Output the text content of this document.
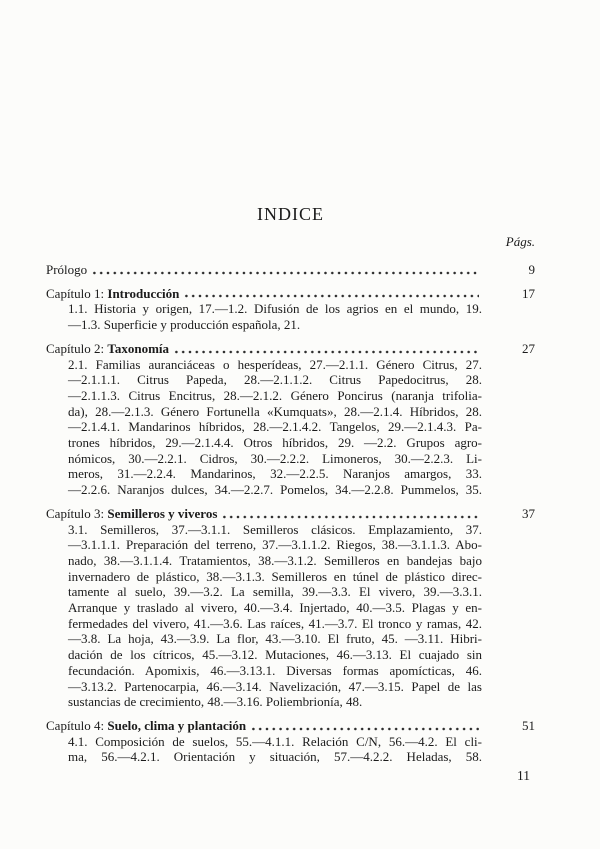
INDICE
Págs.
Prólogo	9
Capítulo 1: Introducción	17
1.1. Historia y origen, 17.—1.2. Difusión de los agrios en el mundo, 19.
—1.3. Superficie y producción española, 21.
Capítulo 2: Taxonomía	27
2.1. Familias auranciáceas o hesperídeas, 27.—2.1.1. Género Citrus, 27.
—2.1.1.1. Citrus Papeda, 28.—2.1.1.2. Citrus Papedocitrus, 28.
—2.1.1.3. Citrus Encitrus, 28.—2.1.2. Género Poncirus (naranja trifolia-
da), 28.—2.1.3. Género Fortunella «Kumquats», 28.—2.1.4. Híbridos, 28.
—2.1.4.1. Mandarinos híbridos, 28.—2.1.4.2. Tangelos, 29.—2.1.4.3. Pa-
trones híbridos, 29.—2.1.4.4. Otros híbridos, 29. —2.2. Grupos agro-
nómicos, 30.—2.2.1. Cidros, 30.—2.2.2. Limoneros, 30.—2.2.3. Li-
meros, 31.—2.2.4. Mandarinos, 32.—2.2.5. Naranjos amargos, 33.
—2.2.6. Naranjos dulces, 34.—2.2.7. Pomelos, 34.—2.2.8. Pummelos, 35.
Capítulo 3: Semilleros y viveros	37
3.1. Semilleros, 37.—3.1.1. Semilleros clásicos. Emplazamiento, 37.
—3.1.1.1. Preparación del terreno, 37.—3.1.1.2. Riegos, 38.—3.1.1.3. Abo-
nado, 38.—3.1.1.4. Tratamientos, 38.—3.1.2. Semilleros en bandejas bajo
invernadero de plástico, 38.—3.1.3. Semilleros en túnel de plástico direc-
tamente al suelo, 39.—3.2. La semilla, 39.—3.3. El vivero, 39.—3.3.1.
Arranque y traslado al vivero, 40.—3.4. Injertado, 40.—3.5. Plagas y en-
fermedades del vivero, 41.—3.6. Las raíces, 41.—3.7. El tronco y ramas, 42.
—3.8. La hoja, 43.—3.9. La flor, 43.—3.10. El fruto, 45. —3.11. Hibri-
dación de los cítricos, 45.—3.12. Mutaciones, 46.—3.13. El cuajado sin
fecundación. Apomixis, 46.—3.13.1. Diversas formas apomícticas, 46.
—3.13.2. Partenocarpia, 46.—3.14. Navelización, 47.—3.15. Papel de las
sustancias de crecimiento, 48.—3.16. Poliembrionía, 48.
Capítulo 4: Suelo, clima y plantación	51
4.1. Composición de suelos, 55.—4.1.1. Relación C/N, 56.—4.2. El cli-
ma, 56.—4.2.1. Orientación y situación, 57.—4.2.2. Heladas, 58.
11
